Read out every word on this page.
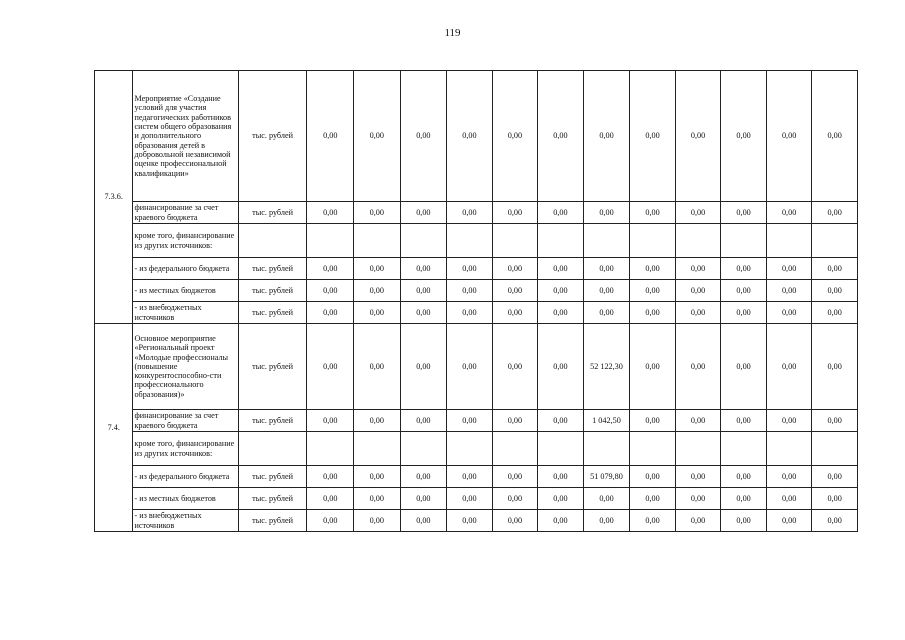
119
7.3.6.	Мероприятие «Создание условий для участия педагогических работников систем общего образования и дополнительного образования детей в добровольной независимой оценке профессиональной квалификации»	тыс. рублей	0,00	0,00	0,00	0,00	0,00	0,00	0,00	0,00	0,00	0,00	0,00	0,00
	финансирование за счет краевого бюджета	тыс. рублей	0,00	0,00	0,00	0,00	0,00	0,00	0,00	0,00	0,00	0,00	0,00	0,00
	кроме того, финансирование из других источников:													
	- из федерального бюджета	тыс. рублей	0,00	0,00	0,00	0,00	0,00	0,00	0,00	0,00	0,00	0,00	0,00	0,00
	- из местных бюджетов	тыс. рублей	0,00	0,00	0,00	0,00	0,00	0,00	0,00	0,00	0,00	0,00	0,00	0,00
	- из внебюджетных источников	тыс. рублей	0,00	0,00	0,00	0,00	0,00	0,00	0,00	0,00	0,00	0,00	0,00	0,00
7.4.	Основное мероприятие «Региональный проект «Молодые профессионалы (повышение конкурентоспособно-сти профессионального образования)»	тыс. рублей	0,00	0,00	0,00	0,00	0,00	0,00	52 122,30	0,00	0,00	0,00	0,00	0,00
	финансирование за счет краевого бюджета	тыс. рублей	0,00	0,00	0,00	0,00	0,00	0,00	1 042,50	0,00	0,00	0,00	0,00	0,00
	кроме того, финансирование из других источников:													
	- из федерального бюджета	тыс. рублей	0,00	0,00	0,00	0,00	0,00	0,00	51 079,80	0,00	0,00	0,00	0,00	0,00
	- из местных бюджетов	тыс. рублей	0,00	0,00	0,00	0,00	0,00	0,00	0,00	0,00	0,00	0,00	0,00	0,00
	- из внебюджетных источников	тыс. рублей	0,00	0,00	0,00	0,00	0,00	0,00	0,00	0,00	0,00	0,00	0,00	0,00
